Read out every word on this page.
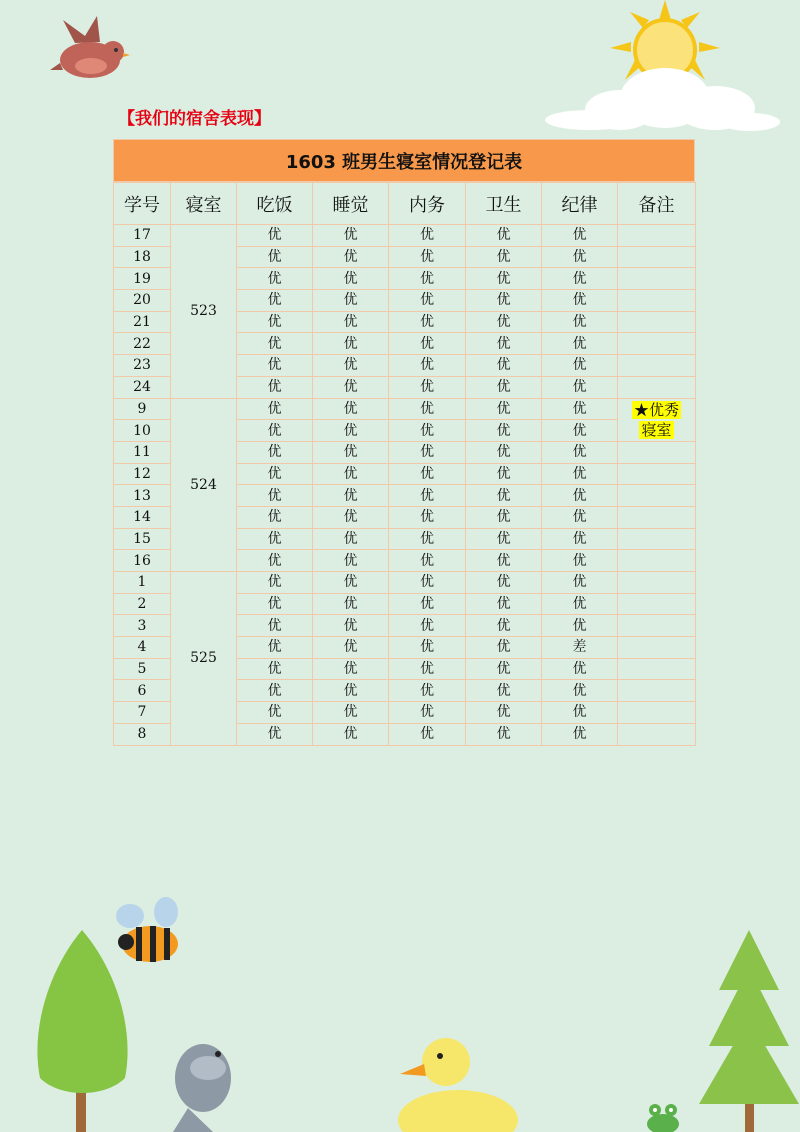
【我们的宿舍表现】
1603 班男生寝室情况登记表
学号	寝室	吃饭	睡觉	内务	卫生	纪律	备注
17	523	优	优	优	优	优	
18		优	优	优	优	优	
19		优	优	优	优	优	
20		优	优	优	优	优	
21		优	优	优	优	优	
22		优	优	优	优	优	
23		优	优	优	优	优	
24		优	优	优	优	优	
9	524	优	优	优	优	优	★优秀
寝室
10		优	优	优	优	优	
11		优	优	优	优	优	
12		优	优	优	优	优	
13		优	优	优	优	优	
14		优	优	优	优	优	
15		优	优	优	优	优	
16		优	优	优	优	优	
1	525	优	优	优	优	优	
2		优	优	优	优	优	
3		优	优	优	优	优	
4		优	优	优	优	差	
5		优	优	优	优	优	
6		优	优	优	优	优	
7		优	优	优	优	优	
8		优	优	优	优	优	
